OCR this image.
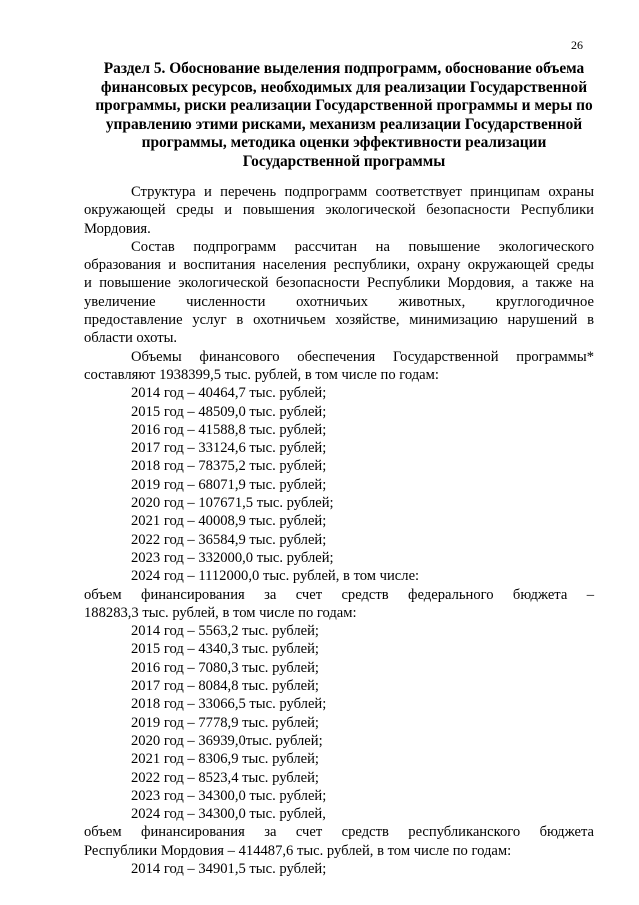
26
Раздел 5. Обоснование выделения подпрограмм, обоснование объема
финансовых ресурсов, необходимых для реализации Государственной
программы, риски реализации Государственной программы и меры по
управлению этими рисками, механизм реализации Государственной
программы, методика оценки эффективности реализации
Государственной программы
Структура и перечень подпрограмм соответствует принципам охраны
окружающей среды и повышения экологической безопасности Республики
Мордовия.
Состав подпрограмм рассчитан на повышение экологического
образования и воспитания населения республики, охрану окружающей среды
и повышение экологической безопасности Республики Мордовия, а также на
увеличение численности охотничьих животных, круглогодичное
предоставление услуг в охотничьем хозяйстве, минимизацию нарушений в
области охоты.
Объемы финансового обеспечения Государственной программы*
составляют 1938399,5 тыс. рублей, в том числе по годам:
2014 год – 40464,7 тыс. рублей;
2015 год – 48509,0 тыс. рублей;
2016 год – 41588,8 тыс. рублей;
2017 год – 33124,6 тыс. рублей;
2018 год – 78375,2 тыс. рублей;
2019 год – 68071,9 тыс. рублей;
2020 год – 107671,5 тыс. рублей;
2021 год – 40008,9 тыс. рублей;
2022 год – 36584,9 тыс. рублей;
2023 год – 332000,0 тыс. рублей;
2024 год – 1112000,0 тыс. рублей, в том числе:
объем финансирования за счет средств федерального бюджета –
188283,3 тыс. рублей, в том числе по годам:
2014 год – 5563,2 тыс. рублей;
2015 год – 4340,3 тыс. рублей;
2016 год – 7080,3 тыс. рублей;
2017 год – 8084,8 тыс. рублей;
2018 год – 33066,5 тыс. рублей;
2019 год – 7778,9 тыс. рублей;
2020 год – 36939,0тыс. рублей;
2021 год – 8306,9 тыс. рублей;
2022 год – 8523,4 тыс. рублей;
2023 год – 34300,0 тыс. рублей;
2024 год – 34300,0 тыс. рублей,
объем финансирования за счет средств республиканского бюджета
Республики Мордовия – 414487,6 тыс. рублей, в том числе по годам:
2014 год – 34901,5 тыс. рублей;
